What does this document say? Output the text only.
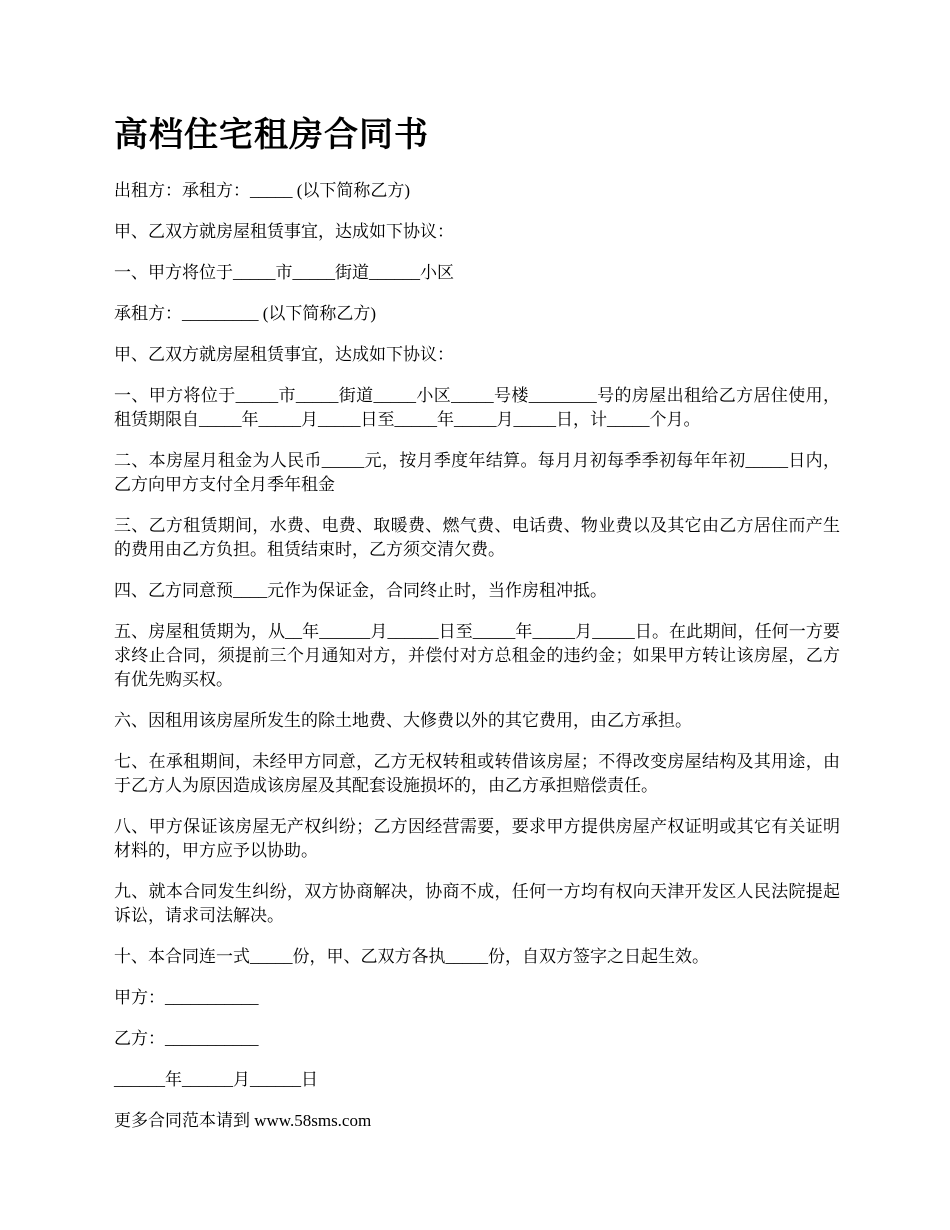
高档住宅租房合同书

出租方：承租方：_____ (以下简称乙方)

甲、乙双方就房屋租赁事宜，达成如下协议：

一、甲方将位于_____市_____街道______小区

承租方：_________ (以下简称乙方)

甲、乙双方就房屋租赁事宜，达成如下协议：

一、甲方将位于_____市_____街道_____小区_____号楼________号的房屋出租给乙方居住使用，租赁期限自_____年_____月_____日至_____年_____月_____日，计_____个月。

二、本房屋月租金为人民币_____元，按月季度年结算。每月月初每季季初每年年初_____日内，乙方向甲方支付全月季年租金

三、乙方租赁期间，水费、电费、取暖费、燃气费、电话费、物业费以及其它由乙方居住而产生的费用由乙方负担。租赁结束时，乙方须交清欠费。

四、乙方同意预____元作为保证金，合同终止时，当作房租冲抵。

五、房屋租赁期为，从__年______月______日至_____年_____月_____日。在此期间，任何一方要求终止合同，须提前三个月通知对方，并偿付对方总租金的违约金；如果甲方转让该房屋，乙方有优先购买权。

六、因租用该房屋所发生的除土地费、大修费以外的其它费用，由乙方承担。

七、在承租期间，未经甲方同意，乙方无权转租或转借该房屋；不得改变房屋结构及其用途，由于乙方人为原因造成该房屋及其配套设施损坏的，由乙方承担赔偿责任。

八、甲方保证该房屋无产权纠纷；乙方因经营需要，要求甲方提供房屋产权证明或其它有关证明材料的，甲方应予以协助。

九、就本合同发生纠纷，双方协商解决，协商不成，任何一方均有权向天津开发区人民法院提起诉讼，请求司法解决。

十、本合同连一式_____份，甲、乙双方各执_____份，自双方签字之日起生效。

甲方：___________

乙方：___________

______年______月______日

更多合同范本请到 www.58sms.com
